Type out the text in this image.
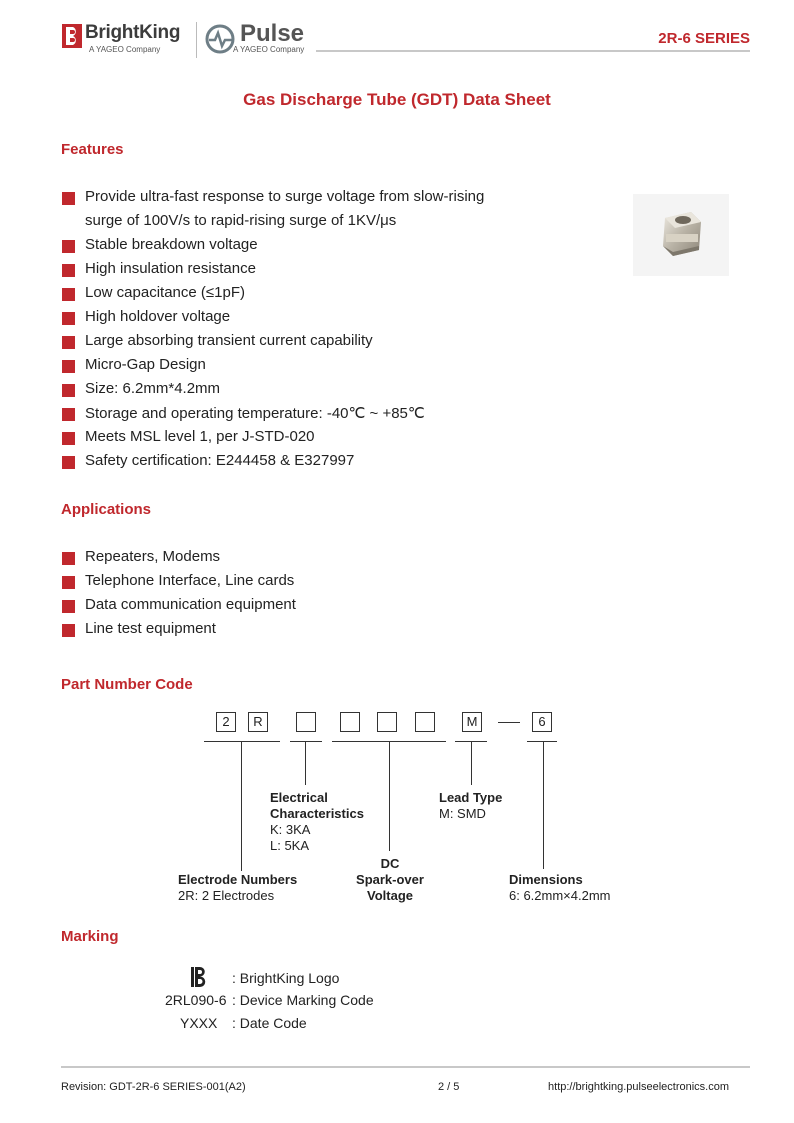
BrightKing
A YAGEO Company
Pulse
A YAGEO Company
2R-6 SERIES
Gas Discharge Tube (GDT) Data Sheet
Features
Provide ultra-fast response to surge voltage from slow-rising
surge of 100V/s to rapid-rising surge of 1KV/μs
Stable breakdown voltage
High insulation resistance
Low capacitance (≤1pF)
High holdover voltage
Large absorbing transient current capability
Micro-Gap Design
Size: 6.2mm*4.2mm
Storage and operating temperature: -40℃ ~ +85℃
Meets MSL level 1, per J-STD-020
Safety certification: E244458 & E327997
Applications
Repeaters, Modems
Telephone Interface, Line cards
Data communication equipment
Line test equipment
Part Number Code
2	R	M	6
Electrical
Characteristics
K: 3KA
L: 5KA
Lead Type
M: SMD
DC
Spark-over
Voltage
Electrode Numbers
2R: 2 Electrodes
Dimensions
6: 6.2mm×4.2mm
Marking
: BrightKing Logo
2RL090-6 : Device Marking Code
YXXX : Date Code
Revision: GDT-2R-6 SERIES-001(A2)	2 / 5	http://brightking.pulseelectronics.com
